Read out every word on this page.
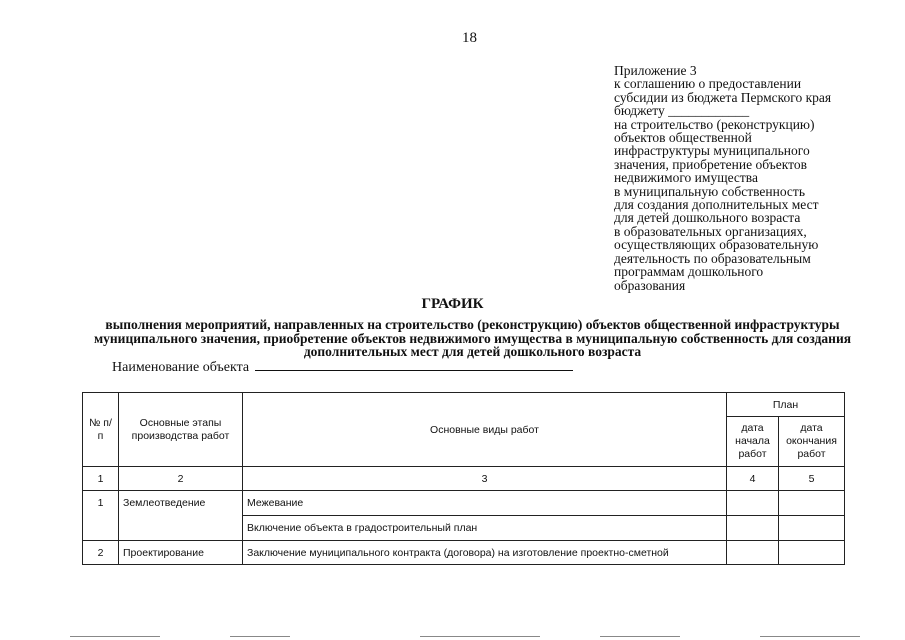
18
Приложение 3
к соглашению о предоставлении
субсидии из бюджета Пермского края
бюджету ____________
на строительство (реконструкцию)
объектов общественной
инфраструктуры муниципального
значения, приобретение объектов
недвижимого имущества
в муниципальную собственность
для создания дополнительных мест
для детей дошкольного возраста
в образовательных организациях,
осуществляющих образовательную
деятельность по образовательным
программам дошкольного
образования
ГРАФИК
выполнения мероприятий, направленных на строительство (реконструкцию) объектов общественной инфраструктуры муниципального значения, приобретение объектов недвижимого имущества в муниципальную собственность для создания дополнительных мест для детей дошкольного возраста
Наименование объекта
№ п/п	Основные этапы производства работ	Основные виды работ	План	
			дата начала работ	дата окончания работ
1	2	3	4	5
1	Землеотведение	Межевание		
		Включение объекта в градостроительный план		
2	Проектирование	Заключение муниципального контракта (договора) на изготовление проектно-сметной		
